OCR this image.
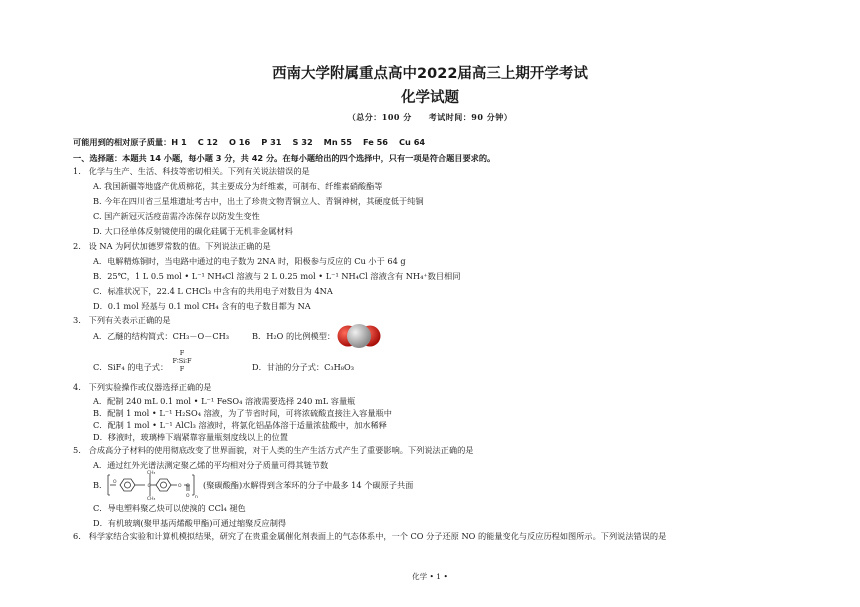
西南大学附属重点高中2022届高三上期开学考试
化学试题
（总分：100 分　　考试时间：90 分钟）
可能用到的相对原子质量：H 1　 C 12　 O 16　 P 31　 S 32　 Mn 55　 Fe 56　 Cu 64
一、选择题：本题共 14 小题，每小题 3 分，共 42 分。在每小题给出的四个选择中，只有一项是符合题目要求的。
1. 化学与生产、生活、科技等密切相关。下列有关说法错误的是
A. 我国新疆等地盛产优质棉花，其主要成分为纤维素，可制布、纤维素硝酸酯等
B. 今年在四川省三星堆遗址考古中，出土了珍贵文物青铜立人、青铜神树，其硬度低于纯铜
C. 国产新冠灭活疫苗需冷冻保存以防发生变性
D. 大口径单体反射镜使用的碳化硅属于无机非金属材料
2. 设 NA 为阿伏加德罗常数的值。下列说法正确的是
A．电解精炼铜时，当电路中通过的电子数为 2NA 时，阳极参与反应的 Cu 小于 64 g
B．25℃，1 L 0.5 mol • L⁻¹ NH₄Cl 溶液与 2 L 0.25 mol • L⁻¹ NH₄Cl 溶液含有 NH₄⁺数目相同
C．标准状况下，22.4 L CHCl₃ 中含有的共用电子对数目为 4NA
D．0.1 mol 羟基与 0.1 mol CH₄ 含有的电子数目都为 NA
3. 下列有关表示正确的是
A．乙醚的结构简式：CH₃－O－CH₃	B．H₂O 的比例模型：
C．SiF₄ 的电子式：
F
F∶Si∶F
F	D．甘油的分子式：C₃H₈O₃
4. 下列实验操作或仪器选择正确的是
A．配制 240 mL 0.1 mol • L⁻¹ FeSO₄ 溶液需要选择 240 mL 容量瓶
B．配制 1 mol • L⁻¹ H₂SO₄ 溶液，为了节省时间，可将浓硫酸直接注入容量瓶中
C．配制 1 mol • L⁻¹ AlCl₃ 溶液时，将氯化铝晶体溶于适量浓盐酸中，加水稀释
D．移液时，玻璃棒下端紧靠容量瓶刻度线以上的位置
5. 合成高分子材料的使用彻底改变了世界面貌，对于人类的生产生活方式产生了重要影响。下列说法正确的是
A．通过红外光谱法测定聚乙烯的平均相对分子质量可得其链节数
B． O
CH₃
CH₃
C	O C
O n
(聚碳酸酯)水解得到含苯环的分子中最多 14 个碳原子共面
C．导电塑料聚乙炔可以使溴的 CCl₄ 褪色
D．有机玻璃(聚甲基丙烯酸甲酯)可通过缩聚反应制得
6. 科学家结合实验和计算机模拟结果，研究了在贵重金属催化剂表面上的气态体系中，一个 CO 分子还原 NO 的能量变化与反应历程如图所示。下列说法错误的是
化学 • 1 •
